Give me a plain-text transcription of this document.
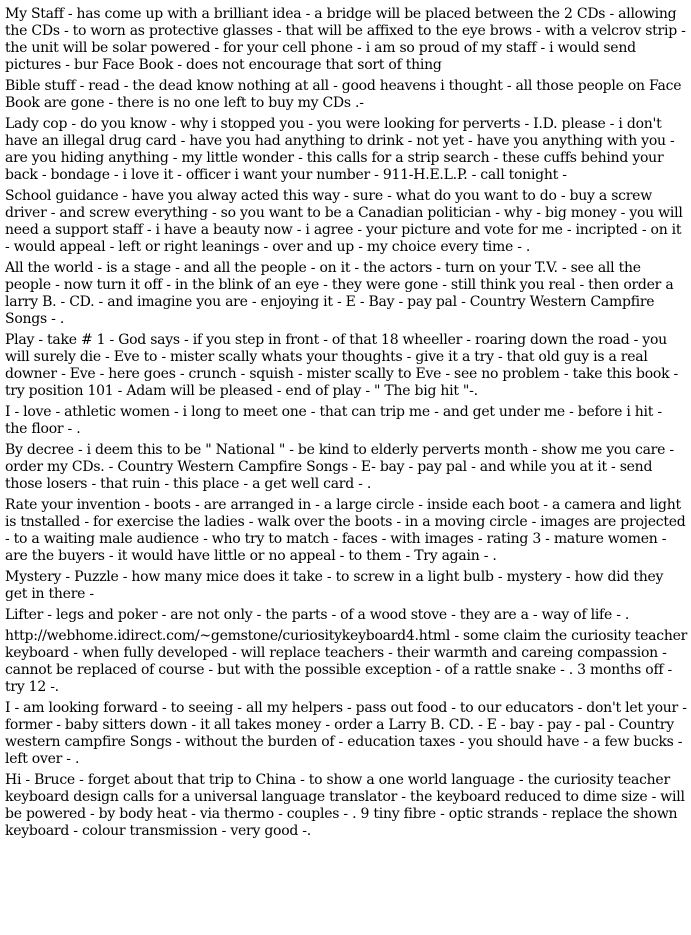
My Staff - has come up with a brilliant idea - a bridge will be placed between the 2 CDs - allowing the CDs - to worn as protective glasses - that will be affixed to the eye brows - with a velcrov strip - the unit will be solar powered - for your cell phone - i am so proud of my staff - i would send pictures - bur Face Book - does not encourage that sort of thing

Bible stuff - read - the dead know nothing at all - good heavens i thought - all those people on Face Book are gone - there is no one left to buy my CDs .-

Lady cop - do you know - why i stopped you - you were looking for perverts - I.D. please - i don't have an illegal drug card - have you had anything to drink - not yet - have you anything with you - are you hiding anything - my little wonder - this calls for a strip search - these cuffs behind your back - bondage - i love it - officer i want your number - 911-H.E.L.P. - call tonight -

School guidance - have you alway acted this way - sure - what do you want to do - buy a screw driver - and screw everything - so you want to be a Canadian politician - why - big money - you will need a support staff - i have a beauty now - i agree - your picture and vote for me - incripted - on it - would appeal - left or right leanings - over and up - my choice every time - .

All the world - is a stage - and all the people - on it - the actors - turn on your T.V. - see all the people - now turn it off - in the blink of an eye - they were gone - still think you real - then order a larry B. - CD. - and imagine you are - enjoying it - E - Bay - pay pal - Country Western Campfire Songs - .

Play - take # 1 - God says - if you step in front - of that 18 wheeller - roaring down the road - you will surely die - Eve to - mister scally whats your thoughts - give it a try - that old guy is a real downer - Eve - here goes - crunch - squish - mister scally to Eve - see no problem - take this book - try position 101 - Adam will be pleased - end of play - " The big hit "-.

I - love - athletic women - i long to meet one - that can trip me - and get under me - before i hit - the floor - .

By decree - i deem this to be " National " - be kind to elderly perverts month - show me you care - order my CDs. - Country Western Campfire Songs - E- bay - pay pal - and while you at it - send those losers - that ruin - this place - a get well card - .

Rate your invention - boots - are arranged in - a large circle - inside each boot - a camera and light is tnstalled - for exercise the ladies - walk over the boots - in a moving circle - images are projected - to a waiting male audience - who try to match - faces - with images - rating 3 - mature women - are the buyers - it would have little or no appeal - to them - Try again - .

Mystery - Puzzle - how many mice does it take - to screw in a light bulb - mystery - how did they get in there -

Lifter - legs and poker - are not only - the parts - of a wood stove - they are a - way of life - .

http://webhome.idirect.com/~gemstone/curiositykeyboard4.html - some claim the curiosity teacher keyboard - when fully developed - will replace teachers - their warmth and careing compassion - cannot be replaced of course - but with the possible exception - of a rattle snake - . 3 months off - try 12 -.

I - am looking forward - to seeing - all my helpers - pass out food - to our educators - don't let your - former - baby sitters down - it all takes money - order a Larry B. CD. - E - bay - pay - pal - Country western campfire Songs - without the burden of - education taxes - you should have - a few bucks - left over - .

Hi - Bruce - forget about that trip to China - to show a one world language - the curiosity teacher keyboard design calls for a universal language translator - the keyboard reduced to dime size - will be powered - by body heat - via thermo - couples - . 9 tiny fibre - optic strands - replace the shown keyboard - colour transmission - very good -.
